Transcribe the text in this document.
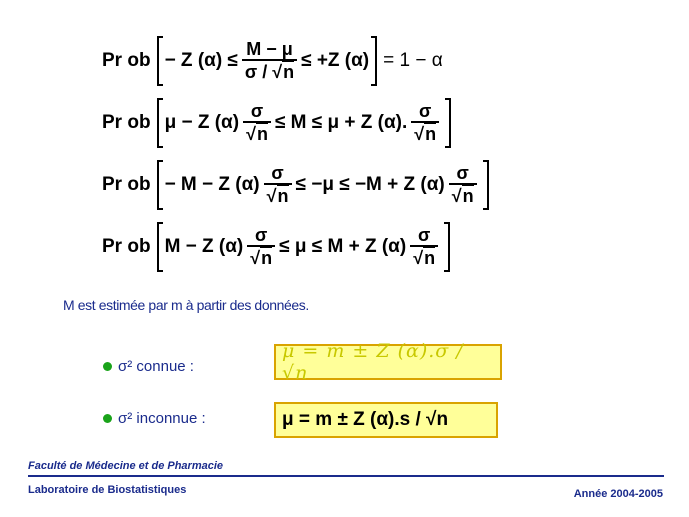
Pr ob − Z $(\alpha) \le \frac{M - \mu}{\sigma / √n} \le +Z$ (α) = 1 − α
Pr ob μ − Z $(\alpha) \frac{\sigma}{√n} \le M \le \mu + Z$ (α). $\frac{\sigma}{√n}$
Pr ob − M − Z $(\alpha) \frac{\sigma}{√n} \le -\mu \le -M + Z$ $(\alpha) \frac{\sigma}{√n}$
Pr ob M − Z $(\alpha) \frac{\sigma}{√n} \le \mu \le M + Z$ $(\alpha) \frac{\sigma}{√n}$
M est estimée par m à partir des données.
σ² connue :
μ = m ± Z (α).σ / √n
σ² inconnue :	μ = m ± Z (α).s / √n
Faculté de Médecine et de Pharmacie
Laboratoire de Biostatistiques	Année 2004-2005
